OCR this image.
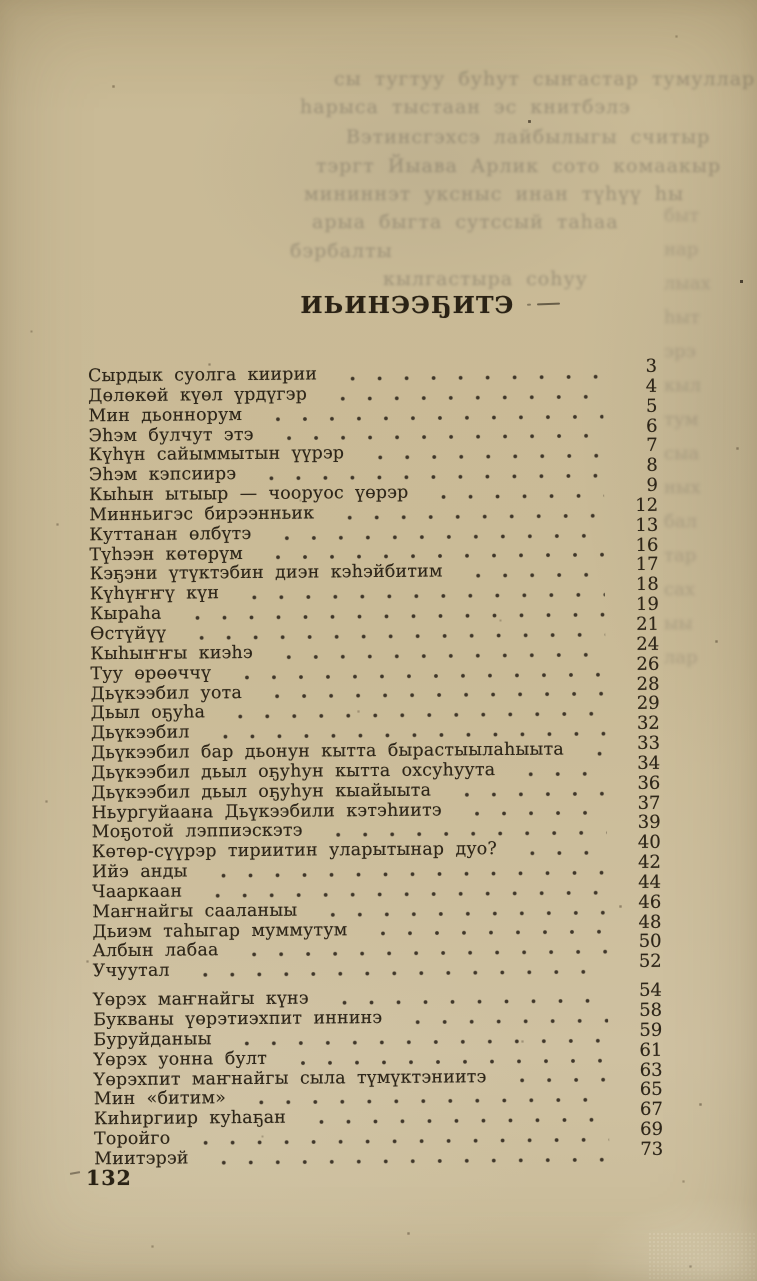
сы тугтуу буһут сыҥастар тумуллар
һарыса тыстаан эс книтбэлэ
Вэтинсгэхсэ лайбылыгы считыр
тэргт Йыава Арлик сото комаакыр
мининнэт уксныс инан түһүү һы
арыа быгта сутссый таһаа
бэрбалты
кылгастыра соһуу
быт
нар
лыах
һыт
эрэ
кыл
тум
сыа
ных
бал
тар
сах
ыы
лар
ИЬИНЭЭҔИТЭ
Сырдык суолга киирии	3
Дөлөкөй күөл үрдүгэр	4
Мин дьоннорум	5
Эһэм булчут этэ	6
Күһүн сайыммытын үүрэр	7
Эһэм кэпсиирэ	8
Кыһын ытыыр — чооруос үөрэр	9
Минньигэс бирээнньик	12
Куттанан өлбүтэ	13
Түһээн көтөрүм	16
Кэҕэни үтүктэбин диэн кэһэйбитим	17
Күһүҥҥү күн	18
Кыраһа	19
Өстүйүү	21
Кыһыҥҥы киэһэ	24
Туу өрөөччү	26
Дьүкээбил уота	28
Дьыл оҕуһа	29
Дьүкээбил	32
Дьүкээбил бар дьонун кытта бырастыылаһыыта	33
Дьүкээбил дьыл оҕуһун кытта охсуһуута	34
Дьүкээбил дьыл оҕуһун кыайыыта	36
Ньургуйаана Дьүкээбили кэтэһиитэ	37
Моҕотой лэппиэскэтэ	39
Көтөр-сүүрэр тириитин уларытынар дуо?	40
Ийэ анды	42
Чааркаан	44
Маҥнайгы сааланыы	46
Дьиэм таһыгар муммутум	48
Албын лабаа	50
Учуутал	52
Үөрэх маҥнайгы күнэ	54
Букваны үөрэтиэхпит иннинэ	58
Буруйданыы	59
Үөрэх уонна булт	61
Үөрэхпит маҥнайгы сыла түмүктэниитэ	63
Мин «битим»	65
Киһиргиир куһаҕан	67
Торойго	69
Миитэрэй	73
132
